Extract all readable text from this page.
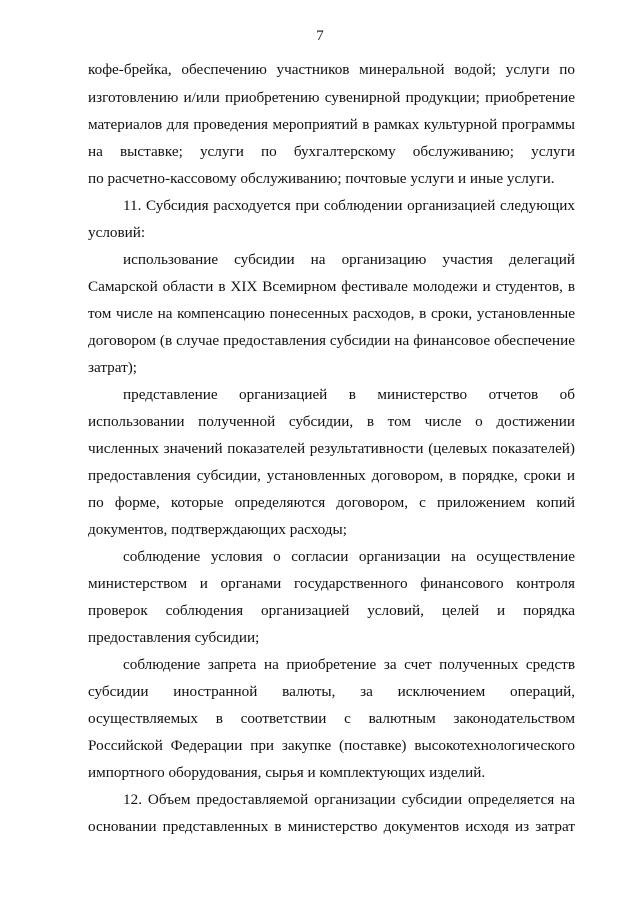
7
кофе-брейка, обеспечению участников минеральной водой; услуги по
изготовлению и/или приобретению сувенирной продукции; приобретение
материалов для проведения мероприятий в рамках культурной программы
на выставке; услуги по бухгалтерскому обслуживанию; услуги
по расчетно-кассовому обслуживанию; почтовые услуги и иные услуги.
11. Субсидия расходуется при соблюдении организацией следующих
условий:
использование субсидии на организацию участия делегаций
Самарской области в XIX Всемирном фестивале молодежи и студентов, в
том числе на компенсацию понесенных расходов, в сроки, установленные
договором (в случае предоставления субсидии на финансовое обеспечение
затрат);
представление организацией в министерство отчетов об
использовании полученной субсидии, в том числе о достижении
численных значений показателей результативности (целевых показателей)
предоставления субсидии, установленных договором, в порядке, сроки и
по форме, которые определяются договором, с приложением копий
документов, подтверждающих расходы;
соблюдение условия о согласии организации на осуществление
министерством и органами государственного финансового контроля
проверок соблюдения организацией условий, целей и порядка
предоставления субсидии;
соблюдение запрета на приобретение за счет полученных средств
субсидии иностранной валюты, за исключением операций,
осуществляемых в соответствии с валютным законодательством
Российской Федерации при закупке (поставке) высокотехнологического
импортного оборудования, сырья и комплектующих изделий.
12. Объем предоставляемой организации субсидии определяется на
основании представленных в министерство документов исходя из затрат
